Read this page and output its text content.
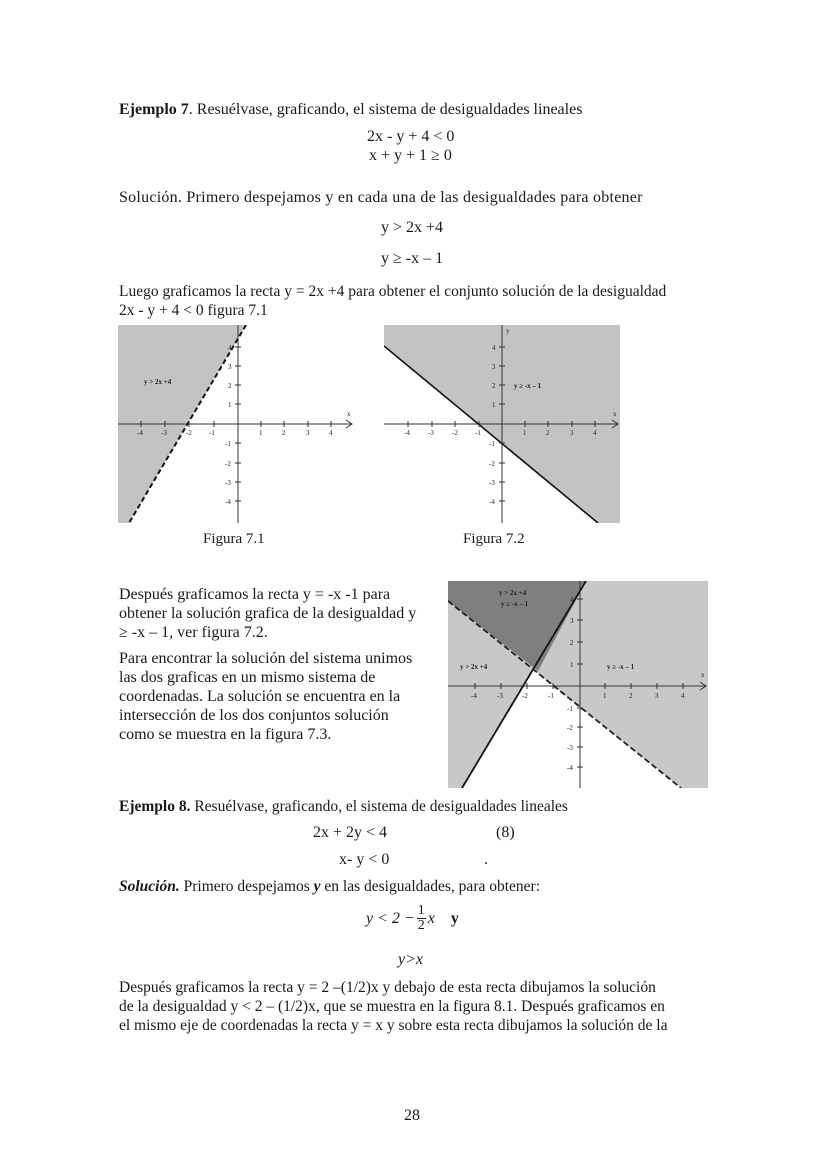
Ejemplo 7. Resuélvase, graficando, el sistema de desigualdades lineales
2x - y + 4 < 0
x + y + 1 ≥ 0
Solución. Primero despejamos y en cada una de las desigualdades para obtener
y > 2x +4
y ≥ -x – 1
Luego graficamos la recta y = 2x +4 para obtener el conjunto solución de la desigualdad
2x - y + 4 < 0 figura 7.1
-4	-3	-2 -1	1	2	3	4
4
3
2
1
-1
-2
-3
-4
x
y > 2x +4
Figura 7.1
-4	-3	-2 -1	1	2	3	4
4
3
2
1
-1
-2
-3
-4
x
y
y ≥ -x – 1
Figura 7.2
Después graficamos la recta y = -x -1 para
obtener la solución grafica de la desigualdad y
≥ -x – 1, ver figura 7.2.
Para encontrar la solución del sistema unimos
las dos graficas en un mismo sistema de
coordenadas. La solución se encuentra en la
intersección de los dos conjuntos solución
como se muestra en la figura 7.3.
-4	-3	-2	-1	1	2	3	4
4
3
2
1
-1
-2
-3
-4
x
y > 2x +4
y ≥ -x – 1
y > 2x +4	y ≥ -x – 1
Ejemplo 8. Resuélvase, graficando, el sistema de desigualdades lineales
2x + 2y < 4	(8)
x- y < 0	.
Solución. Primero despejamos y en las desigualdades, para obtener:
$y < 2 - \frac{1}{2}$ x y
y>x
Después graficamos la recta y = 2 –(1/2)x y debajo de esta recta dibujamos la solución
de la desigualdad y < 2 – (1/2)x, que se muestra en la figura 8.1. Después graficamos en
el mismo eje de coordenadas la recta y = x y sobre esta recta dibujamos la solución de la
28
